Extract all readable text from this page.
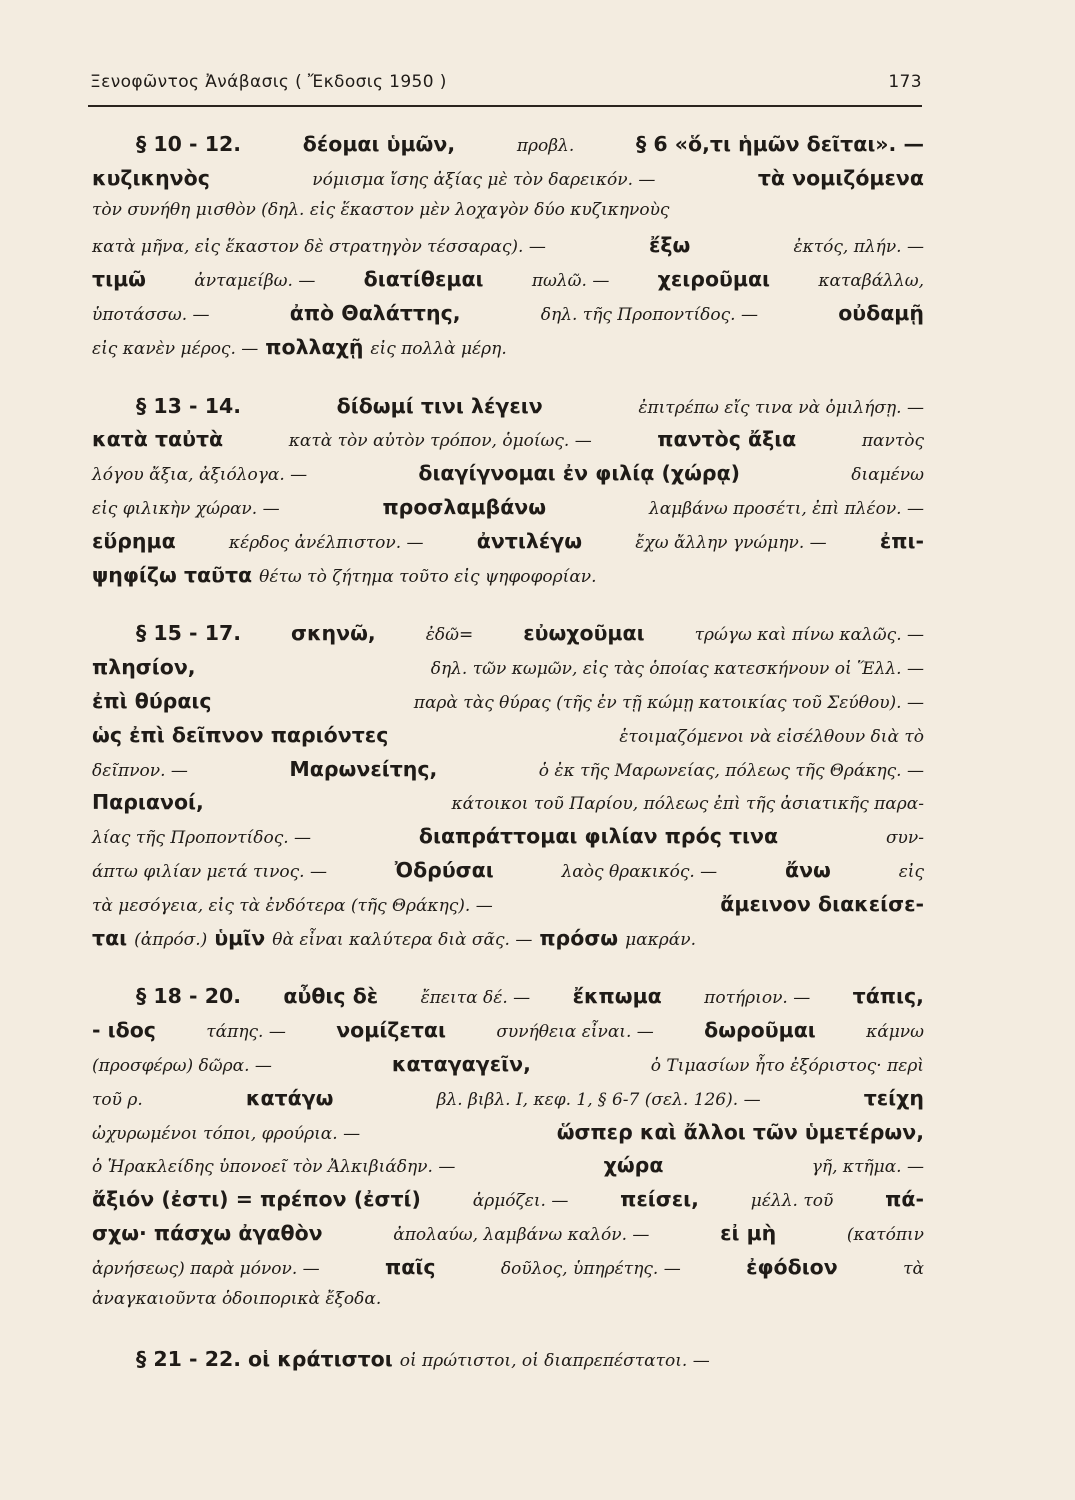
Ξενοφῶντος Ἀνάβασις ( Ἔκδοσις 1950 )	173
§ 10 - 12.	δέομαι ὑμῶν,	προβλ.	§ 6 «ὅ,τι ἡμῶν δεῖται». —
κυζικηνὸς	νόμισμα ἴσης ἀξίας μὲ τὸν δαρεικόν. —	τὰ νομιζόμενα
τὸν συνήθη μισθὸν (δηλ. εἰς ἕκαστον μὲν λοχαγὸν δύο κυζικηνοὺς
κατὰ μῆνα, εἰς ἕκαστον δὲ στρατηγὸν τέσσαρας). —	ἔξω	ἐκτός, πλήν. —
τιμῶ	ἀνταμείβω. — διατίθεμαι	πωλῶ. — χειροῦμαι	καταβάλλω,
ὑποτάσσω. —	ἀπὸ Θαλάττης,	δηλ. τῆς Προποντίδος. —	οὐδαμῇ
εἰς κανὲν μέρος. — πολλαχῇ εἰς πολλὰ μέρη.
§ 13 - 14.	δίδωμί τινι λέγειν	ἐπιτρέπω εἴς τινα νὰ ὁμιλήσῃ. —
κατὰ ταὐτὰ	κατὰ τὸν αὐτὸν τρόπον, ὁμοίως. —	παντὸς ἄξια	παντὸς
λόγου ἄξια, ἀξιόλογα. —	διαγίγνομαι ἐν φιλίᾳ (χώρᾳ)	διαμένω
εἰς φιλικὴν χώραν. —	προσλαμβάνω	λαμβάνω προσέτι, ἐπὶ πλέον. —
εὕρημα	κέρδος ἀνέλπιστον. —	ἀντιλέγω	ἔχω ἄλλην γνώμην. —	ἐπι-
ψηφίζω ταῦτα θέτω τὸ ζήτημα τοῦτο εἰς ψηφοφορίαν.
§ 15 - 17. σκηνῶ,	ἐδῶ= εὐωχοῦμαι	τρώγω καὶ πίνω καλῶς. —
πλησίον,	δηλ. τῶν κωμῶν, εἰς τὰς ὁποίας κατεσκήνουν οἱ Ἕλλ. —
ἐπὶ θύραις	παρὰ τὰς θύρας (τῆς ἐν τῇ κώμῃ κατοικίας τοῦ Σεύθου). —
ὡς ἐπὶ δεῖπνον παριόντες	ἑτοιμαζόμενοι νὰ εἰσέλθουν διὰ τὸ
δεῖπνον. —	Μαρωνείτης,	ὁ ἐκ τῆς Μαρωνείας, πόλεως τῆς Θράκης. —
Παριανοί,	κάτοικοι τοῦ Παρίου, πόλεως ἐπὶ τῆς ἀσιατικῆς παρα-
λίας τῆς Προποντίδος. —	διαπράττομαι φιλίαν πρός τινα	συν-
άπτω φιλίαν μετά τινος. —	Ὀδρύσαι	λαὸς θρακικός. —	ἄνω	εἰς
τὰ μεσόγεια, εἰς τὰ ἐνδότερα (τῆς Θράκης). —	ἄμεινον διακείσε-
ται (ἀπρόσ.) ὑμῖν θὰ εἶναι καλύτερα διὰ σᾶς. — πρόσω μακράν.
§ 18 - 20. αὖθις δὲ ἔπειτα δέ. — ἔκπωμα ποτήριον. — τάπις,
- ιδος	τάπης. — νομίζεται	συνήθεια εἶναι. — δωροῦμαι	κάμνω
(προσφέρω) δῶρα. —	καταγαγεῖν,	ὁ Τιμασίων ἦτο ἐξόριστος· περὶ
τοῦ ρ.	κατάγω	βλ. βιβλ. I, κεφ. 1, § 6-7 (σελ. 126). —	τείχη
ὠχυρωμένοι τόποι, φρούρια. —	ὥσπερ καὶ ἄλλοι τῶν ὑμετέρων,
ὁ Ἡρακλείδης ὑπονοεῖ τὸν Ἀλκιβιάδην. —	χώρα	γῆ, κτῆμα. —
ἄξιόν (ἐστι) = πρέπον (ἐστί)	ἁρμόζει. —	πείσει,	μέλλ. τοῦ	πά-
σχω· πάσχω ἀγαθὸν	ἀπολαύω, λαμβάνω καλόν. —	εἰ μὴ	(κατόπιν
ἀρνήσεως) παρὰ μόνον. —	παῖς	δοῦλος, ὑπηρέτης. —	ἐφόδιον	τὰ
ἀναγκαιοῦντα ὁδοιπορικὰ ἔξοδα.
§ 21 - 22. οἱ κράτιστοι οἱ πρώτιστοι, οἱ διαπρεπέστατοι. —
